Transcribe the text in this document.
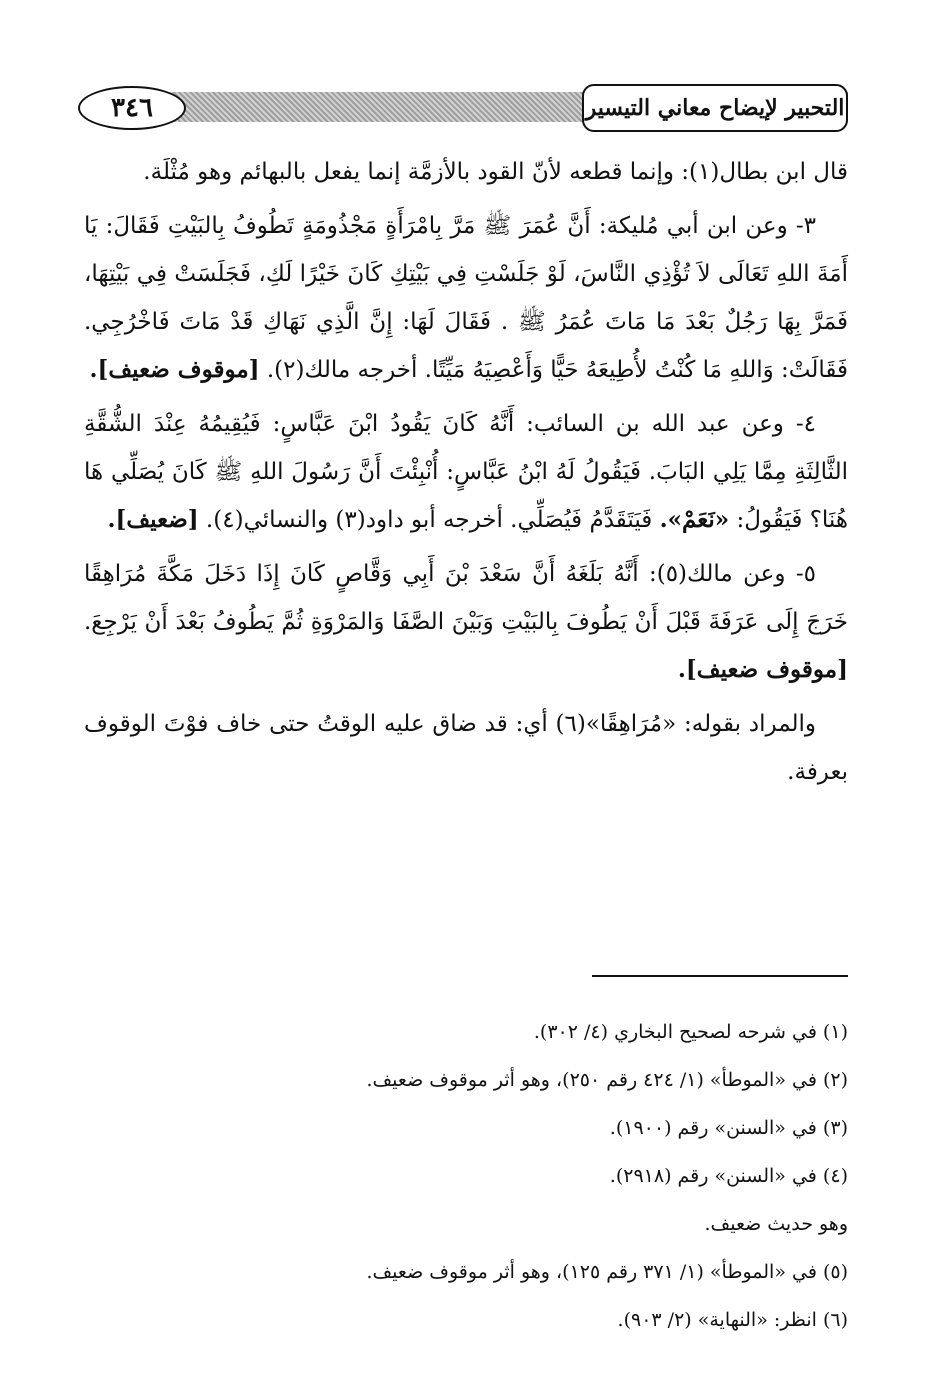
٣٤٦	التحبير لإيضاح معاني التيسير

قال ابن بطال(١): وإنما قطعه لأنّ القود بالأزمَّة إنما يفعل بالبهائم وهو مُثْلَة.

٣- وعن ابن أبي مُليكة: أَنَّ عُمَرَ ﷺ مَرَّ بِامْرَأَةٍ مَجْذُومَةٍ تَطُوفُ بِالبَيْتِ فَقَالَ: يَا أَمَةَ اللهِ تَعَالَى لاَ تُؤْذِي النَّاسَ، لَوْ جَلَسْتِ فِي بَيْتِكِ كَانَ خَيْرًا لَكِ، فَجَلَسَتْ فِي بَيْتِهَا، فَمَرَّ بِهَا رَجُلٌ بَعْدَ مَا مَاتَ عُمَرُ ﷺ . فَقَالَ لَهَا: إِنَّ الَّذِي نَهَاكِ قَدْ مَاتَ فَاخْرُجِي. فَقَالَتْ: وَاللهِ مَا كُنْتُ لأُطِيعَهُ حَيًّا وَأَعْصِيَهُ مَيِّتًا. أخرجه مالك(٢). [موقوف ضعيف].

٤- وعن عبد الله بن السائب: أَنَّهُ كَانَ يَقُودُ ابْنَ عَبَّاسٍ: فَيُقِيمُهُ عِنْدَ الشُّقَّةِ الثَّالِثَةِ مِمَّا يَلِي البَابَ. فَيَقُولُ لَهُ ابْنُ عَبَّاسٍ: أُنْبِئْتَ أَنَّ رَسُولَ اللهِ ﷺ كَانَ يُصَلِّي هَا هُنَا؟ فَيَقُولُ: «نَعَمْ». فَيَتَقَدَّمُ فَيُصَلِّي. أخرجه أبو داود(٣) والنسائي(٤). [ضعيف].

٥- وعن مالك(٥): أَنَّهُ بَلَغَهُ أَنَّ سَعْدَ بْنَ أَبِي وَقَّاصٍ كَانَ إِذَا دَخَلَ مَكَّةَ مُرَاهِقًا خَرَجَ إِلَى عَرَفَةَ قَبْلَ أَنْ يَطُوفَ بِالبَيْتِ وَبَيْنَ الصَّفَا وَالمَرْوَةِ ثُمَّ يَطُوفُ بَعْدَ أَنْ يَرْجِعَ. [موقوف ضعيف].

والمراد بقوله: «مُرَاهِقًا»(٦) أي: قد ضاق عليه الوقتُ حتى خاف فوْتَ الوقوف بعرفة.

(١) في شرحه لصحيح البخاري (٤/ ٣٠٢).

(٢) في «الموطأ» (١/ ٤٢٤ رقم ٢٥٠)، وهو أثر موقوف ضعيف.

(٣) في «السنن» رقم (١٩٠٠).

(٤) في «السنن» رقم (٢٩١٨).

وهو حديث ضعيف.

(٥) في «الموطأ» (١/ ٣٧١ رقم ١٢٥)، وهو أثر موقوف ضعيف.

(٦) انظر: «النهاية» (٢/ ٩٠٣).
